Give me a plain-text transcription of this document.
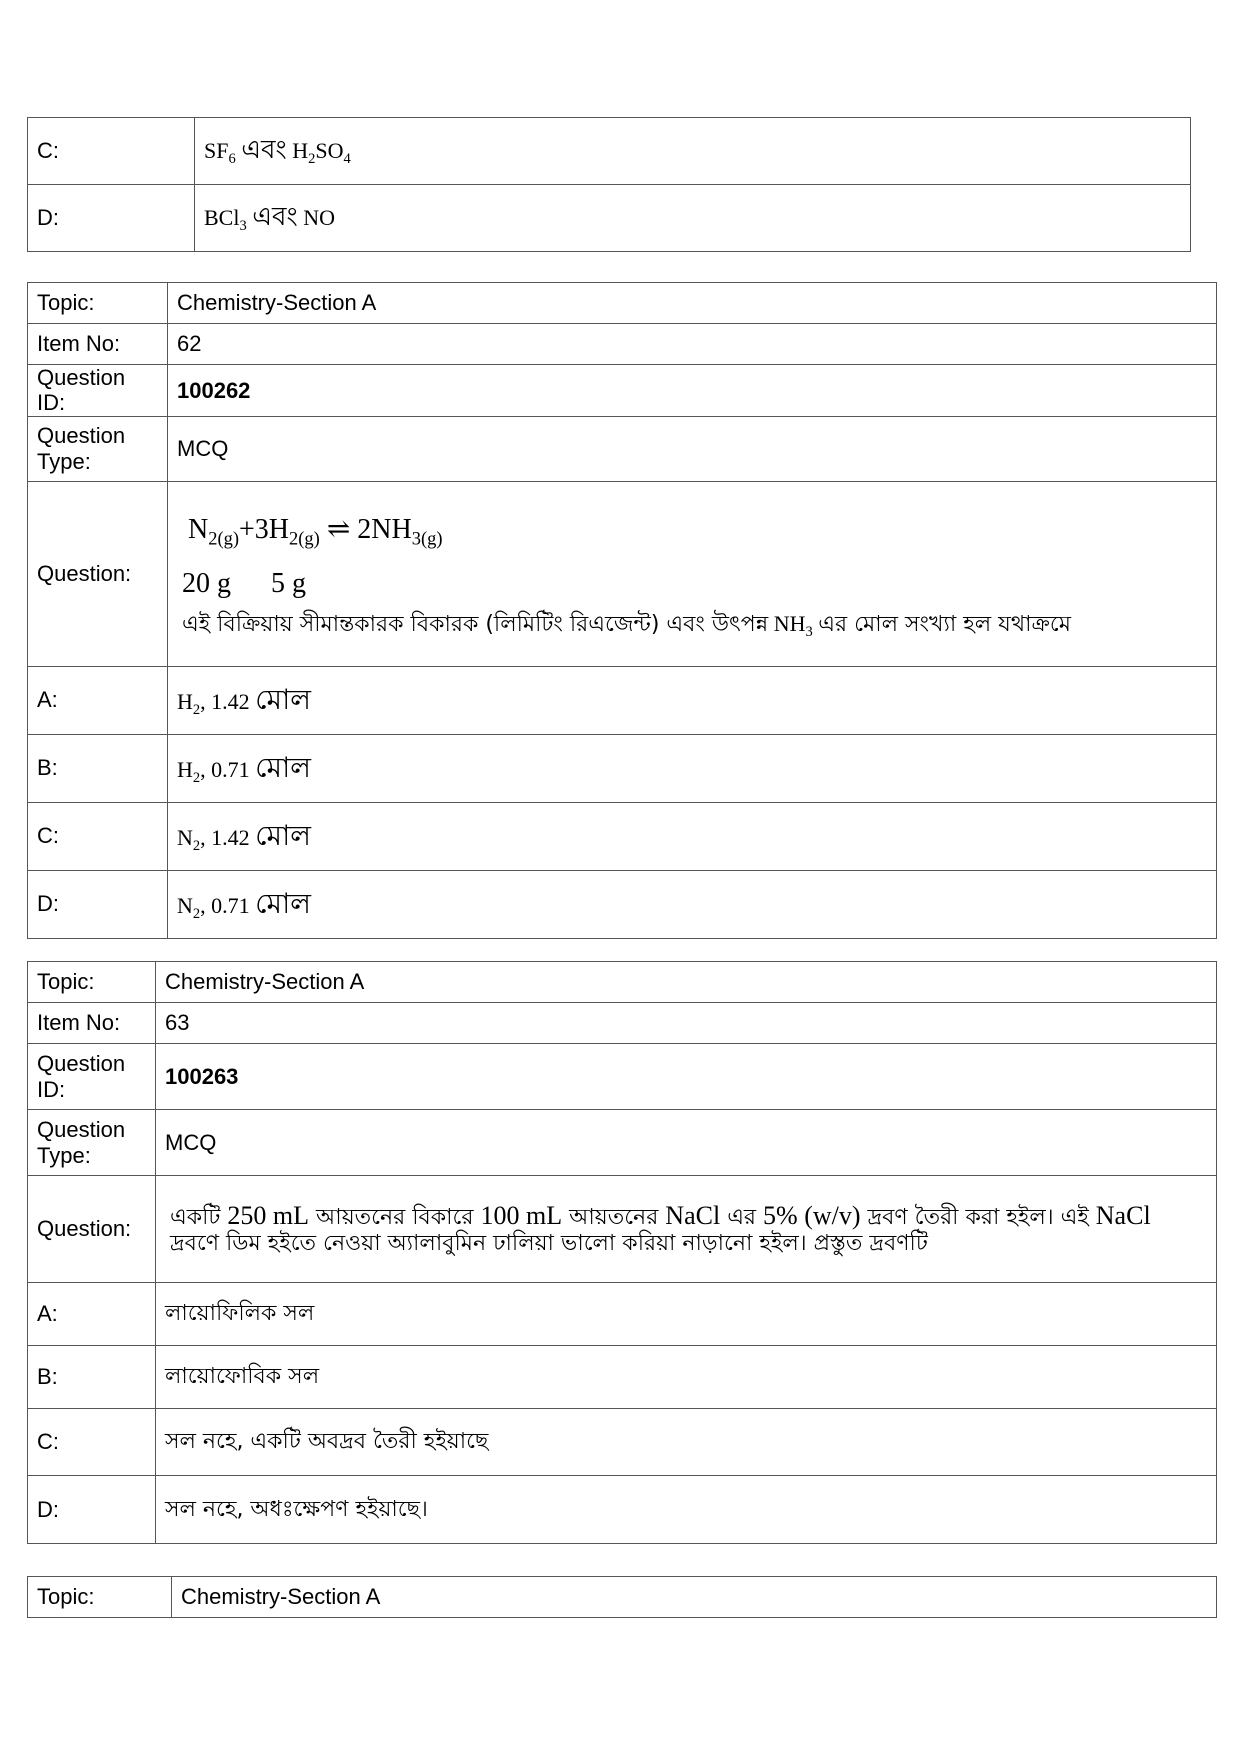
C:	$SF_6$ এবং $H_2SO_4$
D:	BCl$_3$ এবং NO
Topic:	Chemistry-Section A
Item No:	62
Question ID:	100262
Question Type:	MCQ
Question:	$N_{2(g)}+3H_{2(g)}$ ⇌ $2NH_{3(g)}$
20 g 5 g
এই বিক্রিয়ায় সীমান্তকারক বিকারক (লিমিটিং রিএজেন্ট) এবং উৎপন্ন $NH_3$ এর মোল সংখ্যা হল যথাক্রমে

A:	$H_2$, 1.42 মোল
B:	$H_2$, 0.71 মোল
C:	$N_2$, 1.42 মোল
D:	$N_2$, 0.71 মোল
Topic:	Chemistry-Section A
Item No:	63
Question ID:	100263
Question Type:	MCQ
Question:	একটি 250 mL আয়তনের বিকারে 100 mL আয়তনের NaCl এর 5% (w/v) দ্রবণ তৈরী করা হইল। এই NaCl
দ্রবণে ডিম হইতে নেওয়া অ্যালাবুমিন ঢালিয়া ভালো করিয়া নাড়ানো হইল। প্রস্তুত দ্রবণটি

A:	লায়োফিলিক সল
B:	লায়োফোবিক সল
C:	সল নহে, একটি অবদ্রব তৈরী হইয়াছে
D:	সল নহে, অধঃক্ষেপণ হইয়াছে।
Topic:	Chemistry-Section A
